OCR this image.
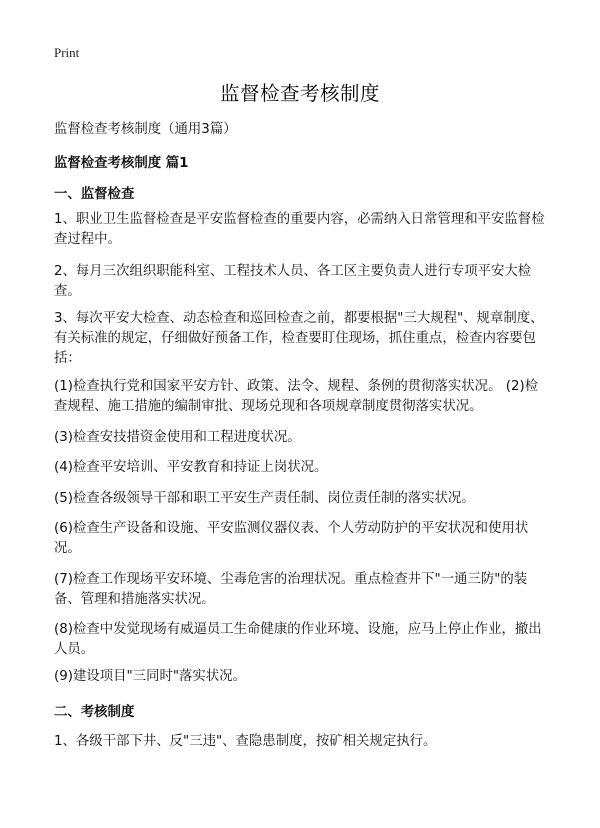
Print
监督检查考核制度
监督检查考核制度（通用3篇）
监督检查考核制度 篇1
一、监督检查

1、职业卫生监督检查是平安监督检查的重要内容，必需纳入日常管理和平安监督检查过程中。

2、每月三次组织职能科室、工程技术人员、各工区主要负责人进行专项平安大检查。

3、每次平安大检查、动态检查和巡回检查之前，都要根据"三大规程"、规章制度、有关标准的规定，仔细做好预备工作，检查要盯住现场，抓住重点，检查内容要包括：

(1)检查执行党和国家平安方针、政策、法令、规程、条例的贯彻落实状况。 (2)检查规程、施工措施的编制审批、现场兑现和各项规章制度贯彻落实状况。

(3)检查安技措资金使用和工程进度状况。

(4)检查平安培训、平安教育和持证上岗状况。

(5)检查各级领导干部和职工平安生产责任制、岗位责任制的落实状况。

(6)检查生产设备和设施、平安监测仪器仪表、个人劳动防护的平安状况和使用状况。

(7)检查工作现场平安环境、尘毒危害的治理状况。重点检查井下"一通三防"的装备、管理和措施落实状况。

(8)检查中发觉现场有威逼员工生命健康的作业环境、设施，应马上停止作业，撤出人员。

(9)建设项目"三同时"落实状况。

二、考核制度

1、各级干部下井、反"三违"、查隐患制度，按矿相关规定执行。
